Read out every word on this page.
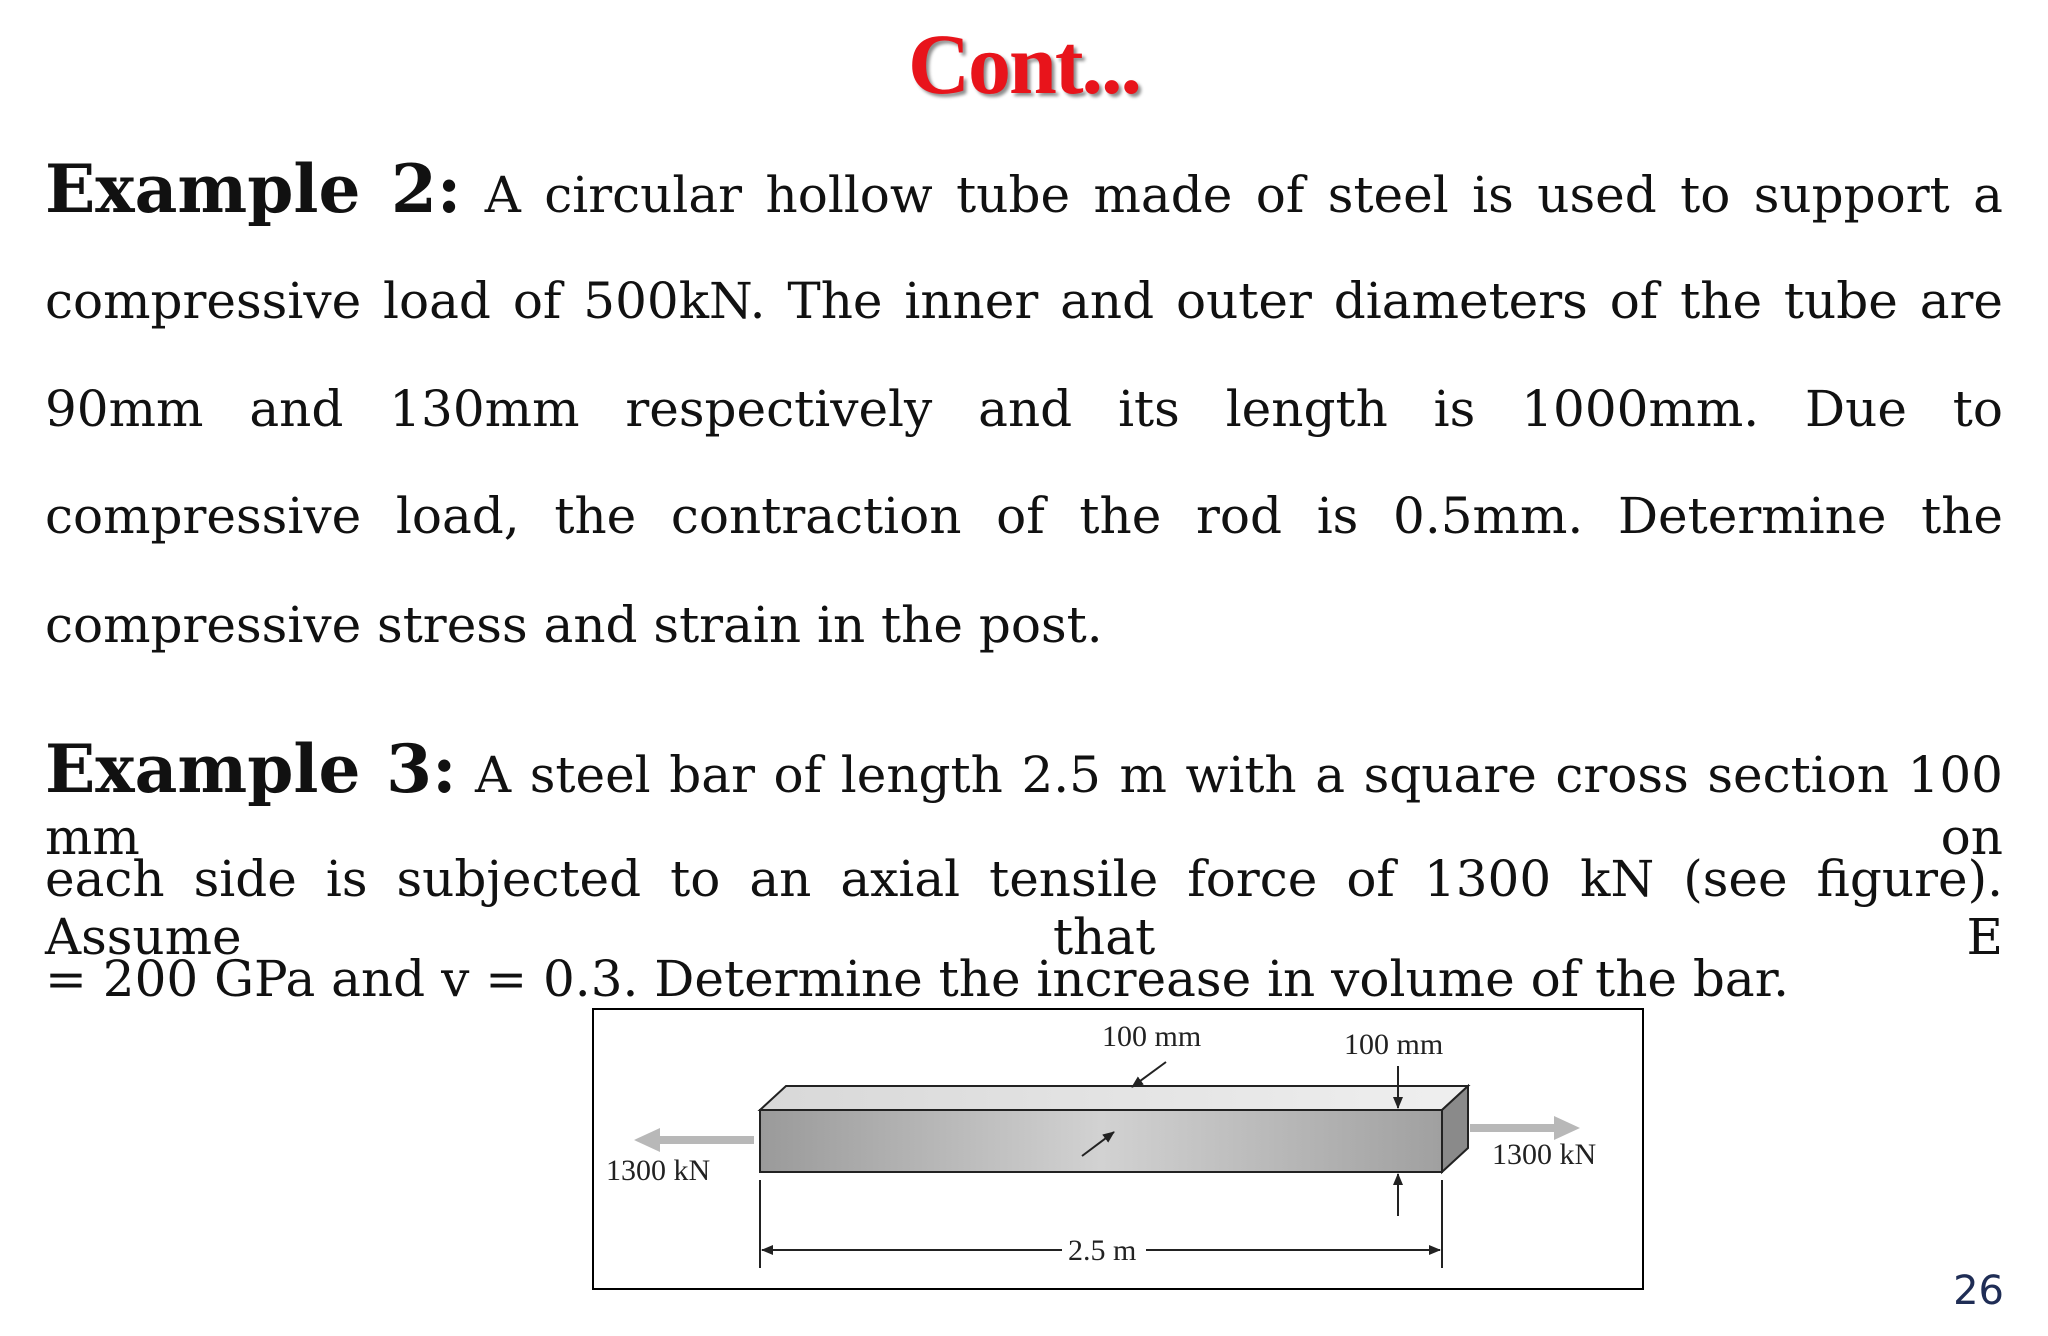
Cont...
Example 2: A circular hollow tube made of steel is used to support a
compressive load of 500kN. The inner and outer diameters of the tube are
90mm and 130mm respectively and its length is 1000mm. Due to
compressive load, the contraction of the rod is 0.5mm. Determine the
compressive stress and strain in the post.
Example 3: A steel bar of length 2.5 m with a square cross section 100 mm on
each side is subjected to an axial tensile force of 1300 kN (see figure). Assume that E
= 200 GPa and v = 0.3. Determine the increase in volume of the bar.
100 mm	100 mm
1300 kN	1300 kN
2.5 m
26
